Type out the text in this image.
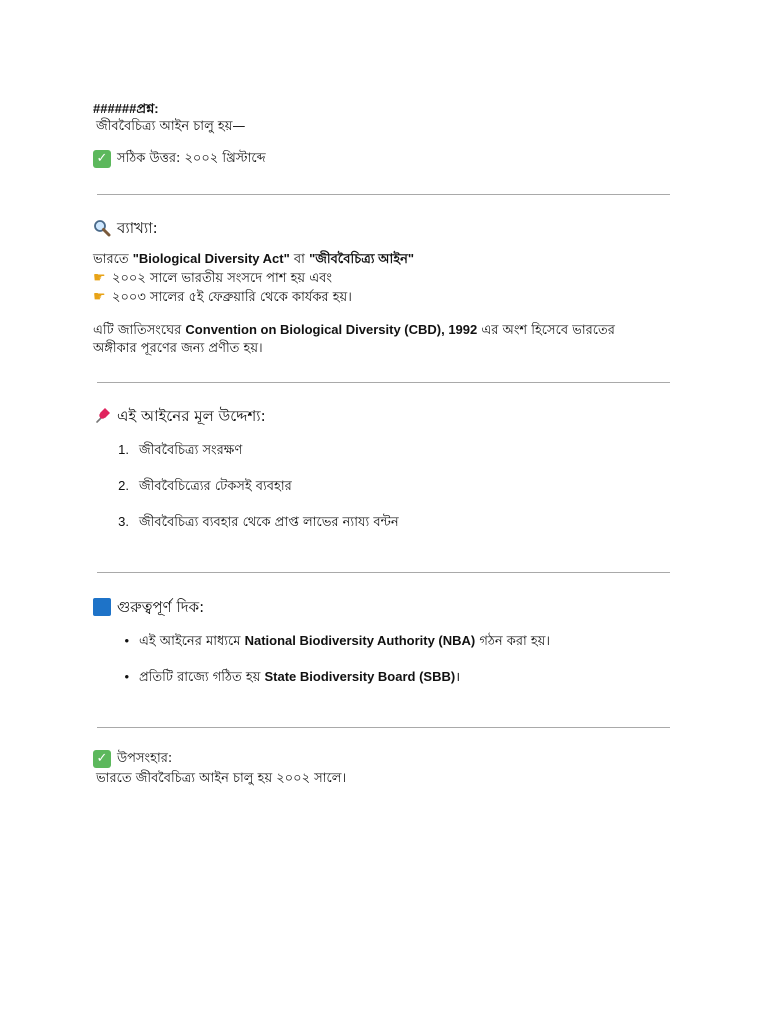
######প্রশ্ন:
জীববৈচিত্র্য আইন চালু হয়—
✓ সঠিক উত্তর: ২০০২ খ্রিস্টাব্দে
ব্যাখ্যা:
ভারতে "Biological Diversity Act" বা "জীববৈচিত্র্য আইন"
☛ ২০০২ সালে ভারতীয় সংসদে পাশ হয় এবং
☛ ২০০৩ সালের ৫ই ফেব্রুয়ারি থেকে কার্যকর হয়।
এটি জাতিসংঘের Convention on Biological Diversity (CBD), 1992 এর অংশ হিসেবে ভারতের
অঙ্গীকার পূরণের জন্য প্রণীত হয়।
এই আইনের মূল উদ্দেশ্য:
1. জীববৈচিত্র্য সংরক্ষণ
2. জীববৈচিত্র্যের টেকসই ব্যবহার
3. জীববৈচিত্র্য ব্যবহার থেকে প্রাপ্ত লাভের ন্যায্য বন্টন
গুরুত্বপূর্ণ দিক:
• এই আইনের মাধ্যমে National Biodiversity Authority (NBA) গঠন করা হয়।
• প্রতিটি রাজ্যে গঠিত হয় State Biodiversity Board (SBB)।
✓ উপসংহার:
ভারতে জীববৈচিত্র্য আইন চালু হয় ২০০২ সালে।
